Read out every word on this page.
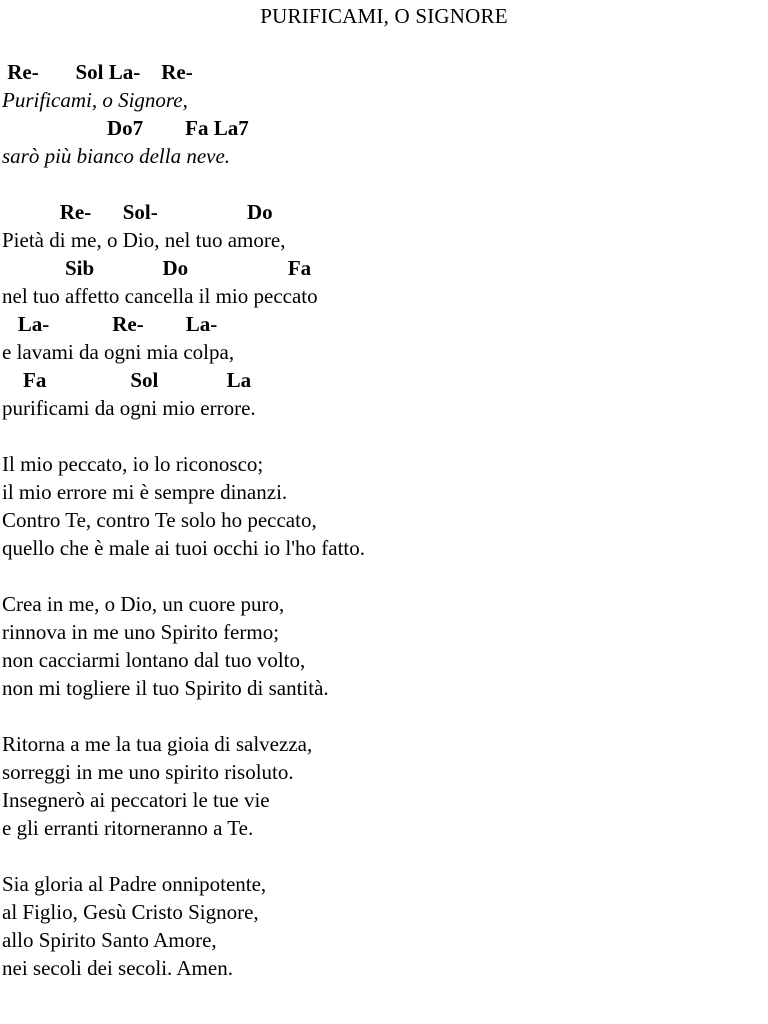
PURIFICAMI, O SIGNORE
Re-       Sol La-    Re-
Purificami, o Signore,
Do7        Fa La7
sarò più bianco della neve.
Re-      Sol-                 Do
Pietà di me, o Dio, nel tuo amore,
Sib             Do                   Fa
nel tuo affetto cancella il mio peccato
La-            Re-        La-
e lavami da ogni mia colpa,
Fa                Sol             La
purificami da ogni mio errore.
Il mio peccato, io lo riconosco;
il mio errore mi è sempre dinanzi.
Contro Te, contro Te solo ho peccato,
quello che è male ai tuoi occhi io l'ho fatto.
Crea in me, o Dio, un cuore puro,
rinnova in me uno Spirito fermo;
non cacciarmi lontano dal tuo volto,
non mi togliere il tuo Spirito di santità.
Ritorna a me la tua gioia di salvezza,
sorreggi in me uno spirito risoluto.
Insegnerò ai peccatori le tue vie
e gli erranti ritorneranno a Te.
Sia gloria al Padre onnipotente,
al Figlio, Gesù Cristo Signore,
allo Spirito Santo Amore,
nei secoli dei secoli. Amen.
